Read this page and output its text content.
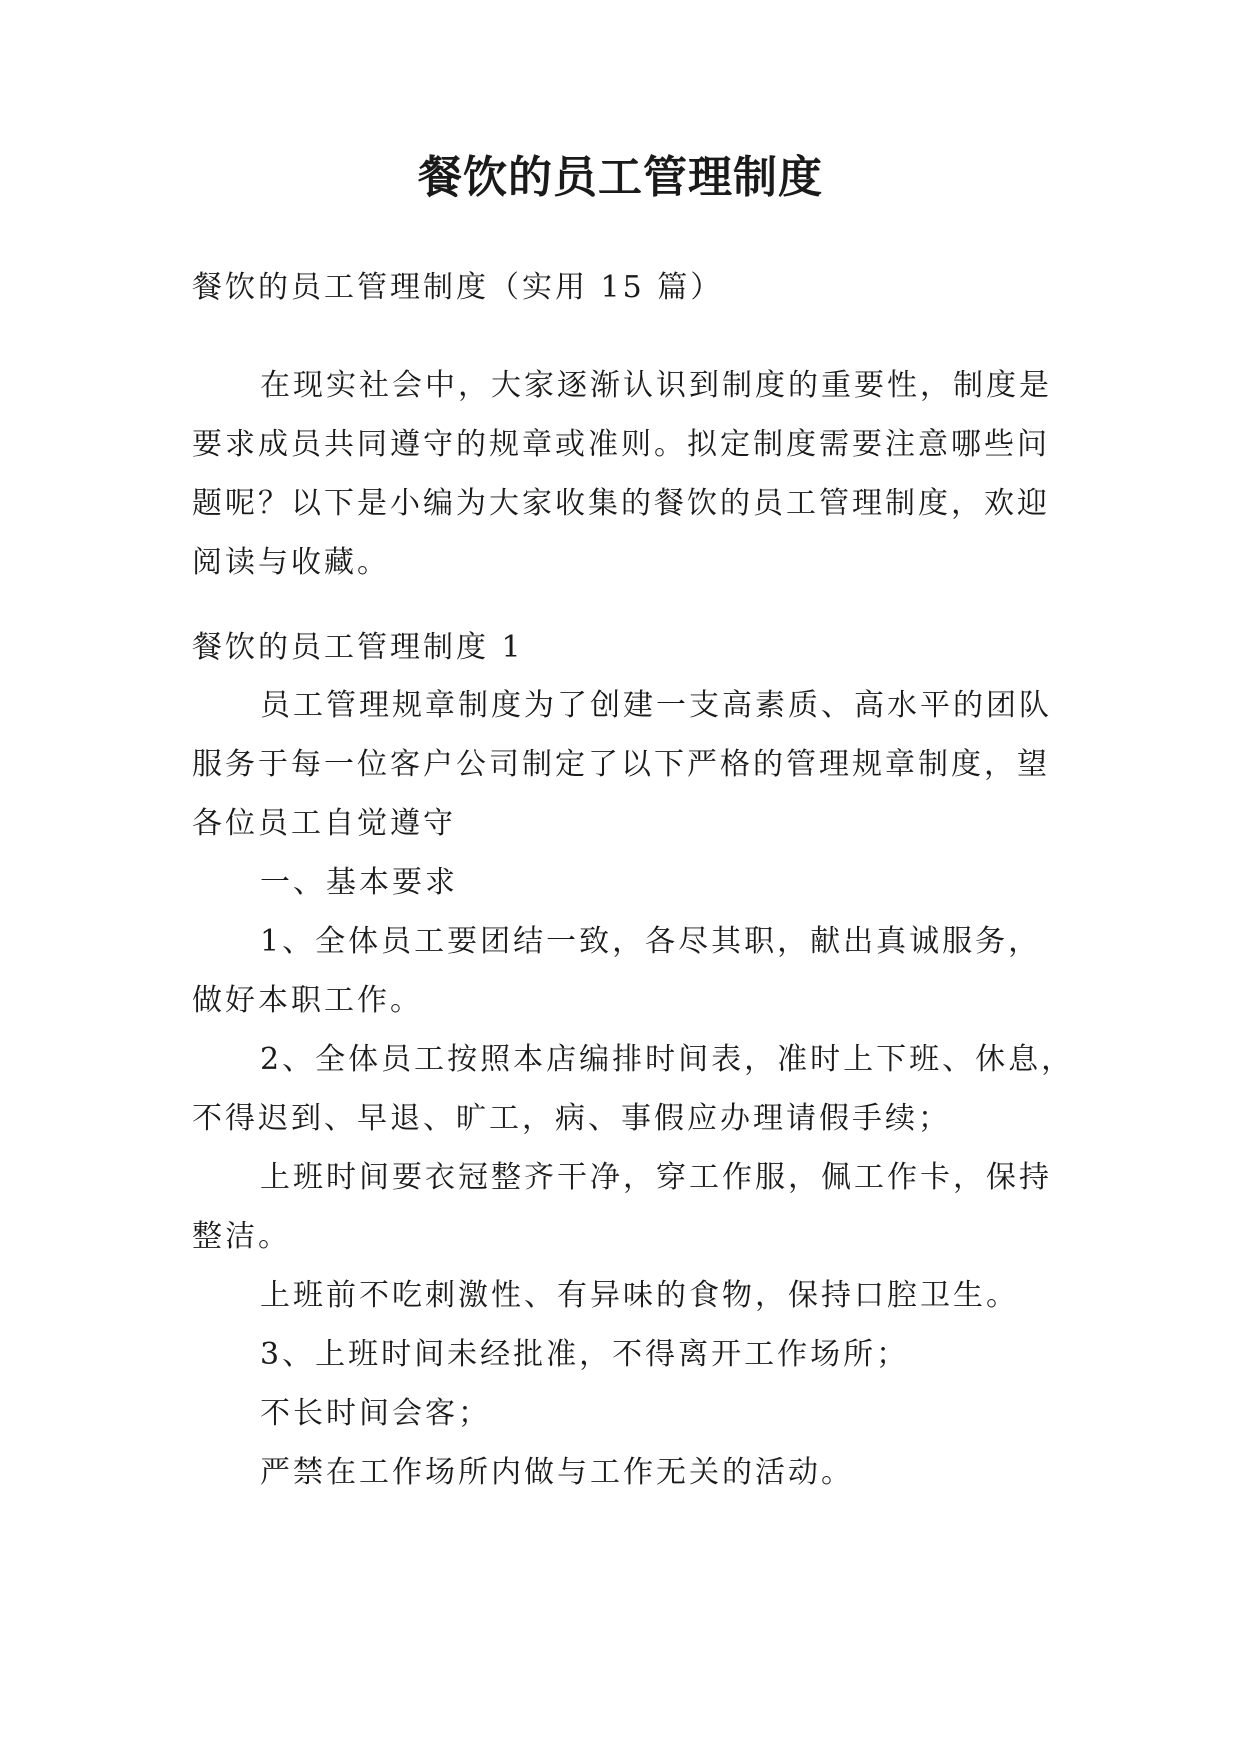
餐饮的员工管理制度

餐饮的员工管理制度（实用 15 篇）

在现实社会中，大家逐渐认识到制度的重要性，制度是
要求成员共同遵守的规章或准则。拟定制度需要注意哪些问
题呢？以下是小编为大家收集的餐饮的员工管理制度，欢迎
阅读与收藏。

餐饮的员工管理制度 1

员工管理规章制度为了创建一支高素质、高水平的团队
服务于每一位客户公司制定了以下严格的管理规章制度，望
各位员工自觉遵守

一、基本要求

1、全体员工要团结一致，各尽其职，献出真诚服务，
做好本职工作。
2、全体员工按照本店编排时间表，准时上下班、休息，
不得迟到、早退、旷工，病、事假应办理请假手续；
上班时间要衣冠整齐干净，穿工作服，佩工作卡，保持
整洁。

上班前不吃刺激性、有异味的食物，保持口腔卫生。

3、上班时间未经批准，不得离开工作场所；

不长时间会客；

严禁在工作场所内做与工作无关的活动。
